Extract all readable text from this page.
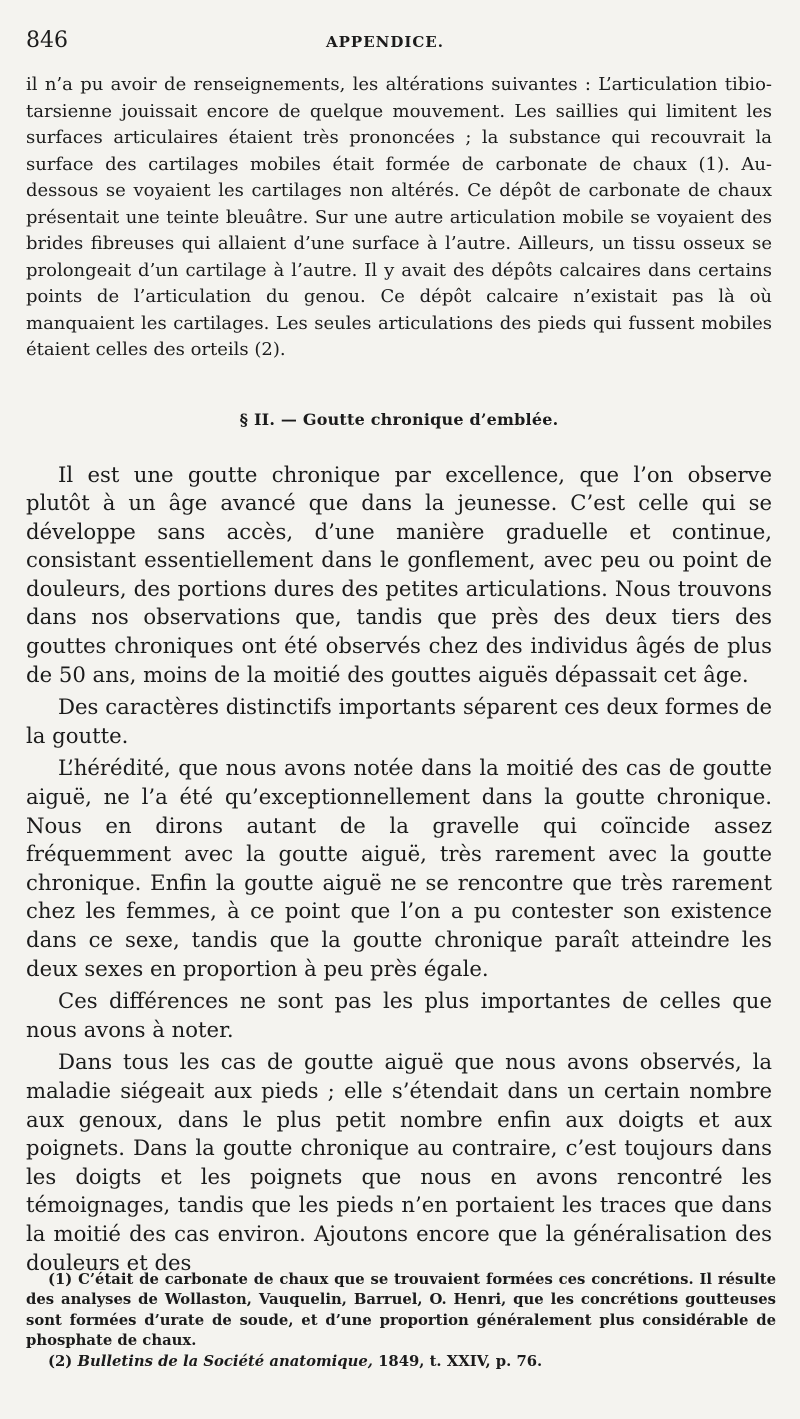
846	APPENDICE.

il n’a pu avoir de renseignements, les altérations suivantes : L’articulation tibio-tarsienne jouissait encore de quelque mouvement. Les saillies qui limitent les surfaces articulaires étaient très prononcées ; la substance qui recouvrait la surface des cartilages mobiles était formée de carbonate de chaux (1). Au-dessous se voyaient les cartilages non altérés. Ce dépôt de carbonate de chaux présentait une teinte bleuâtre. Sur une autre articulation mobile se voyaient des brides fibreuses qui allaient d’une surface à l’autre. Ailleurs, un tissu osseux se prolongeait d’un cartilage à l’autre. Il y avait des dépôts calcaires dans certains points de l’articulation du genou. Ce dépôt calcaire n’existait pas là où manquaient les cartilages. Les seules articulations des pieds qui fussent mobiles étaient celles des orteils (2).

§ II. — Goutte chronique d’emblée.

Il est une goutte chronique par excellence, que l’on observe plutôt à un âge avancé que dans la jeunesse. C’est celle qui se développe sans accès, d’une manière graduelle et continue, consistant essentiellement dans le gonflement, avec peu ou point de douleurs, des portions dures des petites articulations. Nous trouvons dans nos observations que, tandis que près des deux tiers des gouttes chroniques ont été observés chez des individus âgés de plus de 50 ans, moins de la moitié des gouttes aiguës dépassait cet âge.

Des caractères distinctifs importants séparent ces deux formes de la goutte.

L’hérédité, que nous avons notée dans la moitié des cas de goutte aiguë, ne l’a été qu’exceptionnellement dans la goutte chronique. Nous en dirons autant de la gravelle qui coïncide assez fréquemment avec la goutte aiguë, très rarement avec la goutte chronique. Enfin la goutte aiguë ne se rencontre que très rarement chez les femmes, à ce point que l’on a pu contester son existence dans ce sexe, tandis que la goutte chronique paraît atteindre les deux sexes en proportion à peu près égale.

Ces différences ne sont pas les plus importantes de celles que nous avons à noter.

Dans tous les cas de goutte aiguë que nous avons observés, la maladie siégeait aux pieds ; elle s’étendait dans un certain nombre aux genoux, dans le plus petit nombre enfin aux doigts et aux poignets. Dans la goutte chronique au contraire, c’est toujours dans les doigts et les poignets que nous en avons rencontré les témoignages, tandis que les pieds n’en portaient les traces que dans la moitié des cas environ. Ajoutons encore que la généralisation des douleurs et des

(1) C’était de carbonate de chaux que se trouvaient formées ces concrétions. Il résulte des analyses de Wollaston, Vauquelin, Barruel, O. Henri, que les concrétions goutteuses sont formées d’urate de soude, et d’une proportion généralement plus considérable de phosphate de chaux.

(2) Bulletins de la Société anatomique, 1849, t. XXIV, p. 76.
